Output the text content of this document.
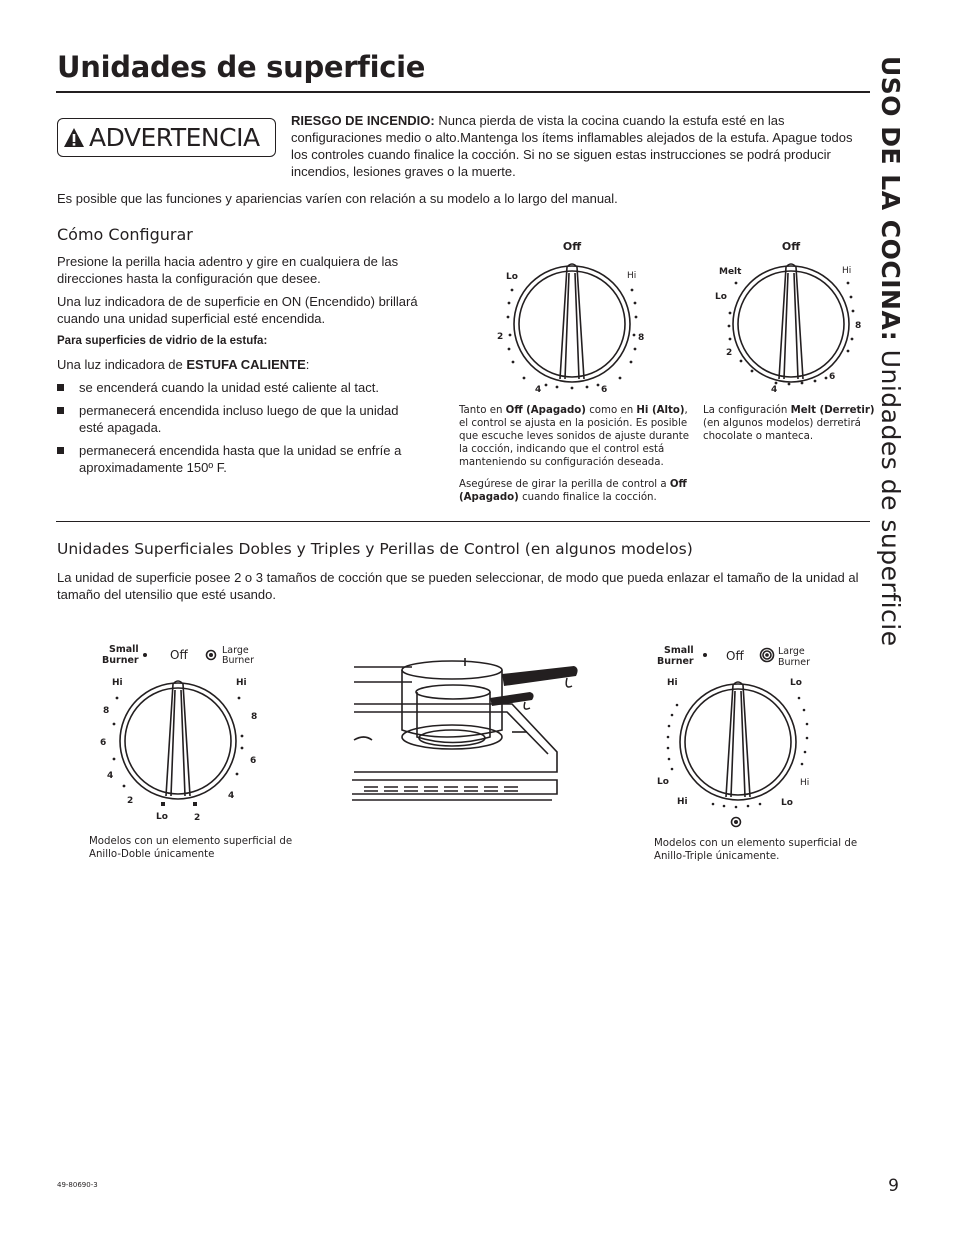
Unidades de superficie	USO DE LA COCINA: Unidades de superficie
ADVERTENCIA
RIESGO DE INCENDIO: Nunca pierda de vista la cocina cuando la estufa esté en las configuraciones medio o alto.Mantenga los ítems inflamables alejados de la estufa. Apague todos los controles cuando finalice la cocción. Si no se siguen estas instrucciones se podrá producir incendios, lesiones graves o la muerte.
Es posible que las funciones y apariencias varíen con relación a su modelo a lo largo del manual.
Cómo Configurar
Presione la perilla hacia adentro y gire en cualquiera de las direcciones hasta la configuración que desee.
Una luz indicadora de de superficie en ON (Encendido) brillará cuando una unidad superficial esté encendida.
Para superficies de vidrio de la estufa:
Una luz indicadora de ESTUFA CALIENTE:
se encenderá cuando la unidad esté caliente al tact.
permanecerá encendida incluso luego de que la unidad esté apagada.
permanecerá encendida hasta que la unidad se enfríe a aproximadamente 150º F.
Off
Lo	Hi
2	8
4	6
Off
Melt	Hi
Lo
8
2
6
4
Tanto en Off (Apagado) como en Hi (Alto), el control se ajusta en la posición. Es posible que escuche leves sonidos de ajuste durante la cocción, indicando que el control está manteniendo su configuración deseada.
Asegúrese de girar la perilla de control a Off (Apagado) cuando finalice la cocción.
La configuración Melt (Derretir) (en algunos modelos) derretirá chocolate o manteca.
Unidades Superficiales Dobles y Triples y Perillas de Control (en algunos modelos)
La unidad de superficie posee 2 o 3 tamaños de cocción que se pueden seleccionar, de modo que pueda enlazar el tamaño de la unidad al tamaño del utensilio que esté usando.
Small
Burner	Off	Large
Burner
Hi	Hi
8
8
6
6
4
4
2
2
Lo
Modelos con un elemento superficial de Anillo-Doble únicamente
Small
Burner	Off	Large
Burner
Hi	Lo
Lo	Hi
Hi	Lo
Modelos con un elemento superficial de Anillo-Triple únicamente.
49-80690-3	9
